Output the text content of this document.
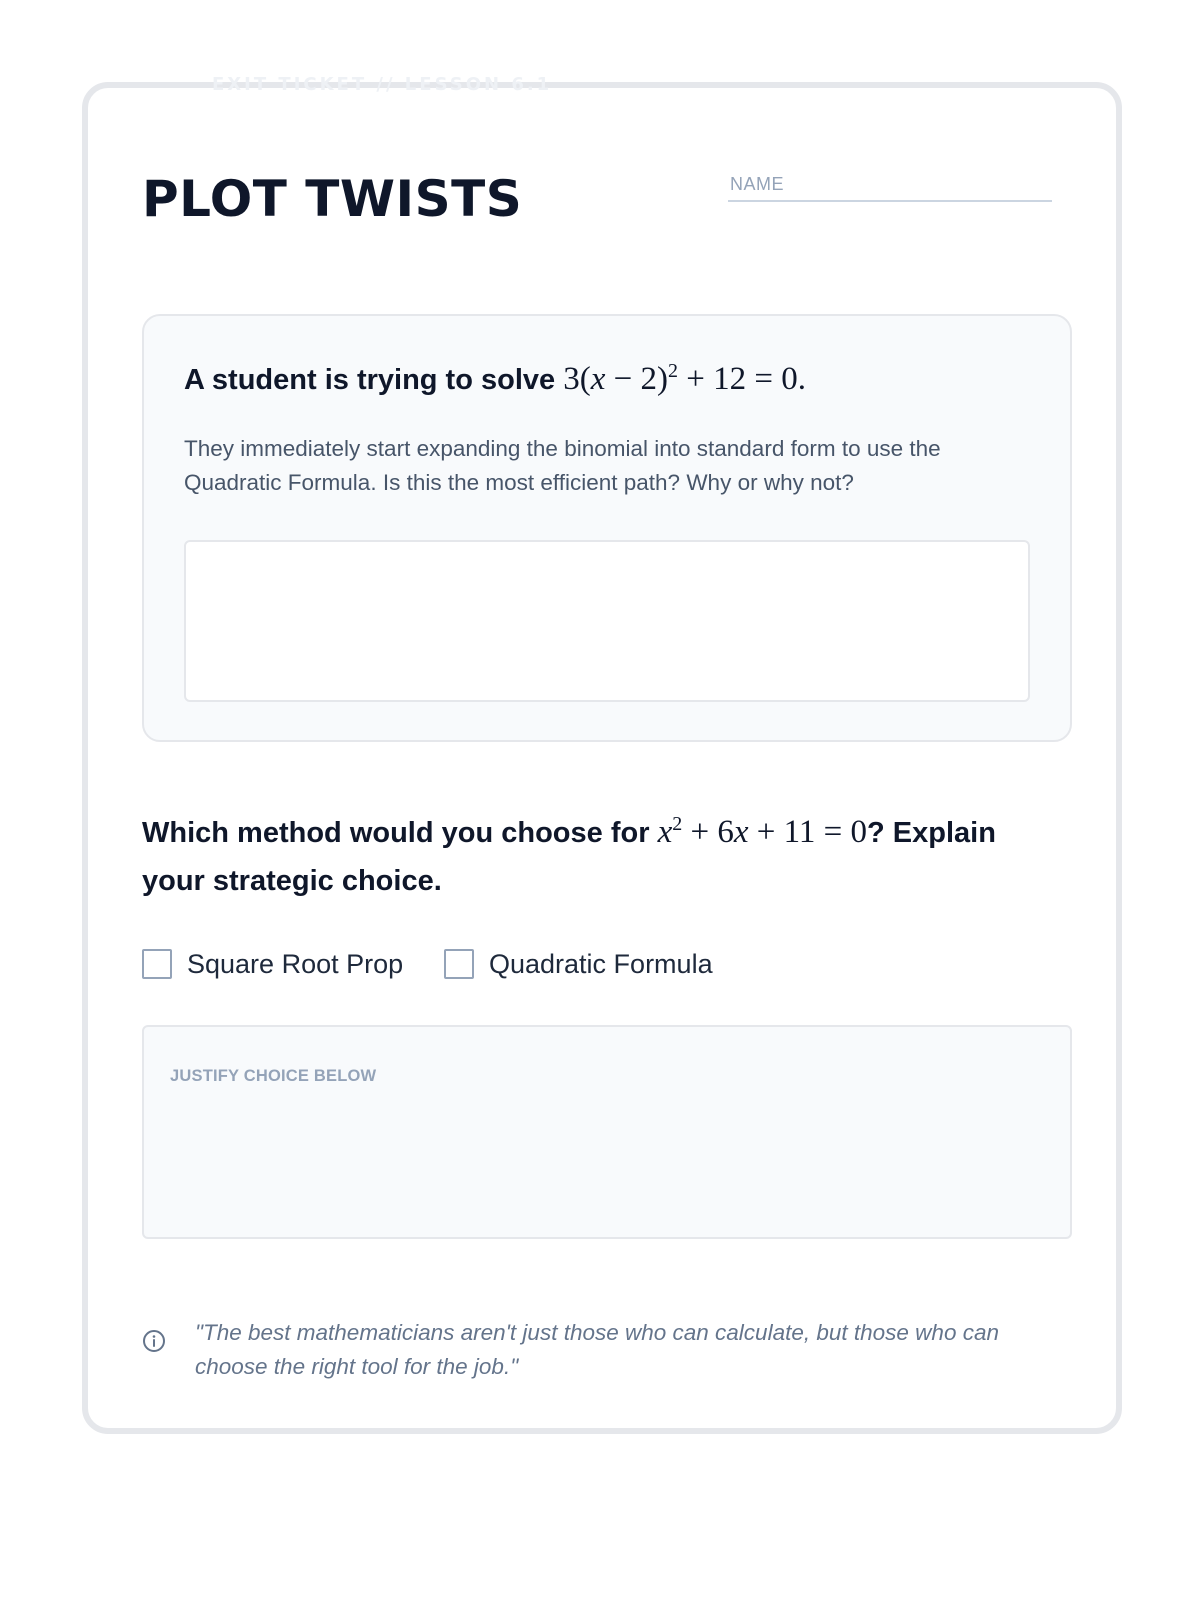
EXIT TICKET // LESSON 6.1
PLOT TWISTS	NAME
A student is trying to solve $3(x - 2)^2 + 12 = 0$.

They immediately start expanding the binomial into standard form to use the Quadratic Formula. Is this the most efficient path? Why or why not?

Which method would you choose for $x^2 + 6x + 11 = 0$? Explain your strategic choice.
Square Root Prop	Quadratic Formula
JUSTIFY CHOICE BELOW

"The best mathematicians aren't just those who can calculate, but those who can choose the right tool for the job."
